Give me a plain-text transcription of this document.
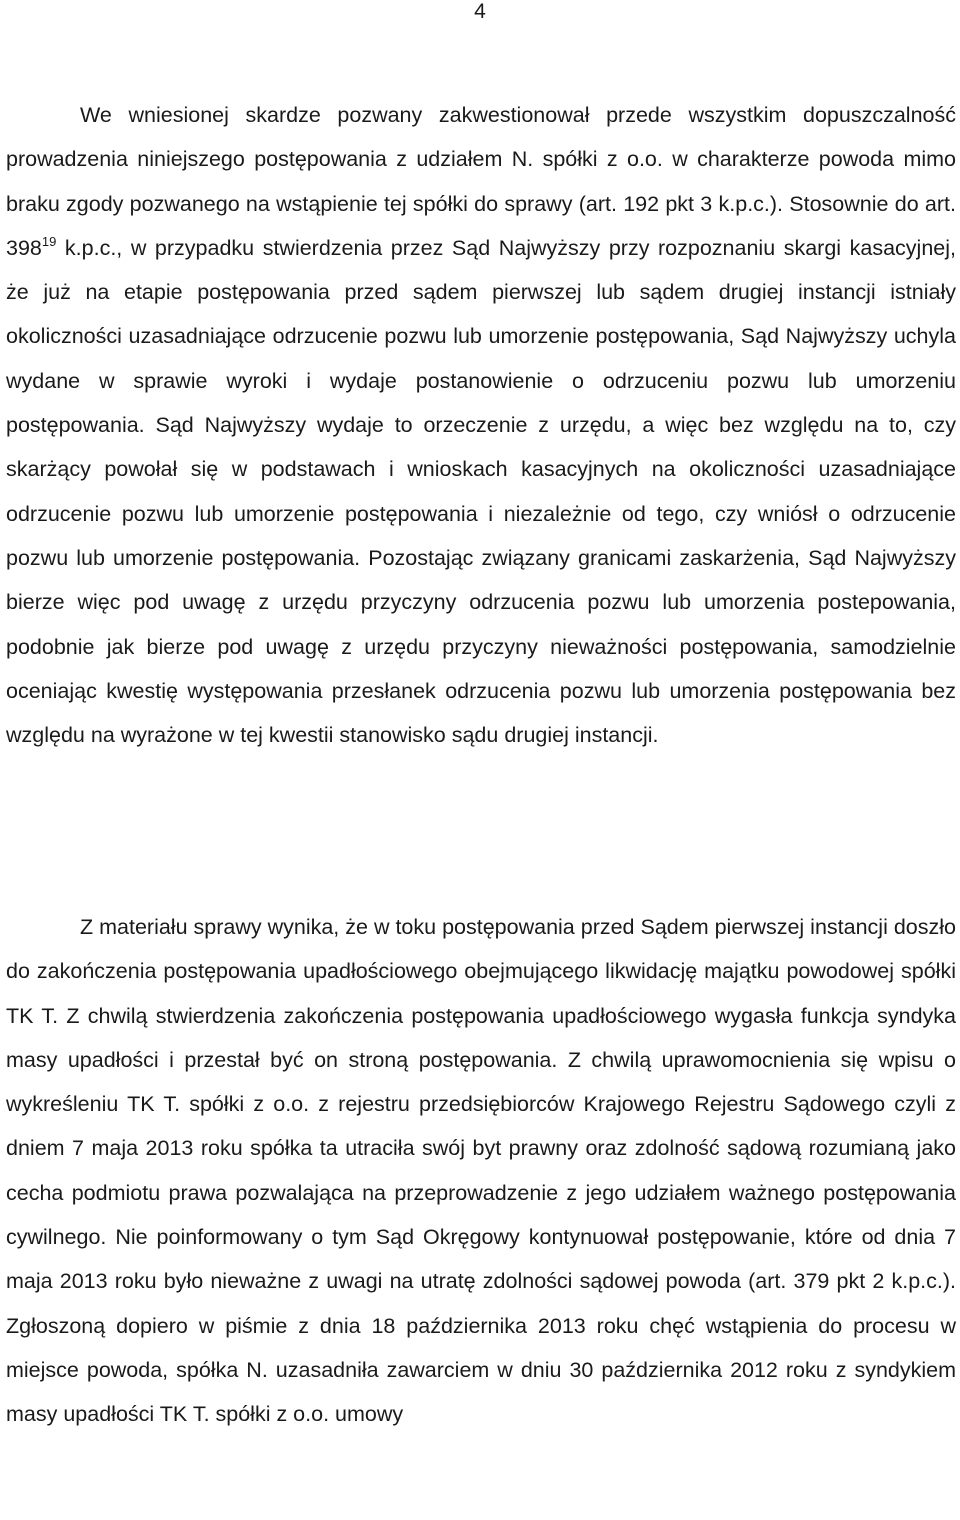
4

We wniesionej skardze pozwany zakwestionował przede wszystkim dopuszczalność prowadzenia niniejszego postępowania z udziałem N. spółki z o.o. w charakterze powoda mimo braku zgody pozwanego na wstąpienie tej spółki do sprawy (art. 192 pkt 3 k.p.c.). Stosownie do art. $398^{19}$ k.p.c., w przypadku stwierdzenia przez Sąd Najwyższy przy rozpoznaniu skargi kasacyjnej, że już na etapie postępowania przed sądem pierwszej lub sądem drugiej instancji istniały okoliczności uzasadniające odrzucenie pozwu lub umorzenie postępowania, Sąd Najwyższy uchyla wydane w sprawie wyroki i wydaje postanowienie o odrzuceniu pozwu lub umorzeniu postępowania. Sąd Najwyższy wydaje to orzeczenie z urzędu, a więc bez względu na to, czy skarżący powołał się w podstawach i wnioskach kasacyjnych na okoliczności uzasadniające odrzucenie pozwu lub umorzenie postępowania i niezależnie od tego, czy wniósł o odrzucenie pozwu lub umorzenie postępowania. Pozostając związany granicami zaskarżenia, Sąd Najwyższy bierze więc pod uwagę z urzędu przyczyny odrzucenia pozwu lub umorzenia postepowania, podobnie jak bierze pod uwagę z urzędu przyczyny nieważności postępowania, samodzielnie oceniając kwestię występowania przesłanek odrzucenia pozwu lub umorzenia postępowania bez względu na wyrażone w tej kwestii stanowisko sądu drugiej instancji.

Z materiału sprawy wynika, że w toku postępowania przed Sądem pierwszej instancji doszło do zakończenia postępowania upadłościowego obejmującego likwidację majątku powodowej spółki TK T. Z chwilą stwierdzenia zakończenia postępowania upadłościowego wygasła funkcja syndyka masy upadłości i przestał być on stroną postępowania. Z chwilą uprawomocnienia się wpisu o wykreśleniu TK T. spółki z o.o. z rejestru przedsiębiorców Krajowego Rejestru Sądowego czyli z dniem 7 maja 2013 roku spółka ta utraciła swój byt prawny oraz zdolność sądową rozumianą jako cecha podmiotu prawa pozwalająca na przeprowadzenie z jego udziałem ważnego postępowania cywilnego. Nie poinformowany o tym Sąd Okręgowy kontynuował postępowanie, które od dnia 7 maja 2013 roku było nieważne z uwagi na utratę zdolności sądowej powoda (art. 379 pkt 2 k.p.c.). Zgłoszoną dopiero w piśmie z dnia 18 października 2013 roku chęć wstąpienia do procesu w miejsce powoda, spółka N. uzasadniła zawarciem w dniu 30 października 2012 roku z syndykiem masy upadłości TK T. spółki z o.o. umowy
